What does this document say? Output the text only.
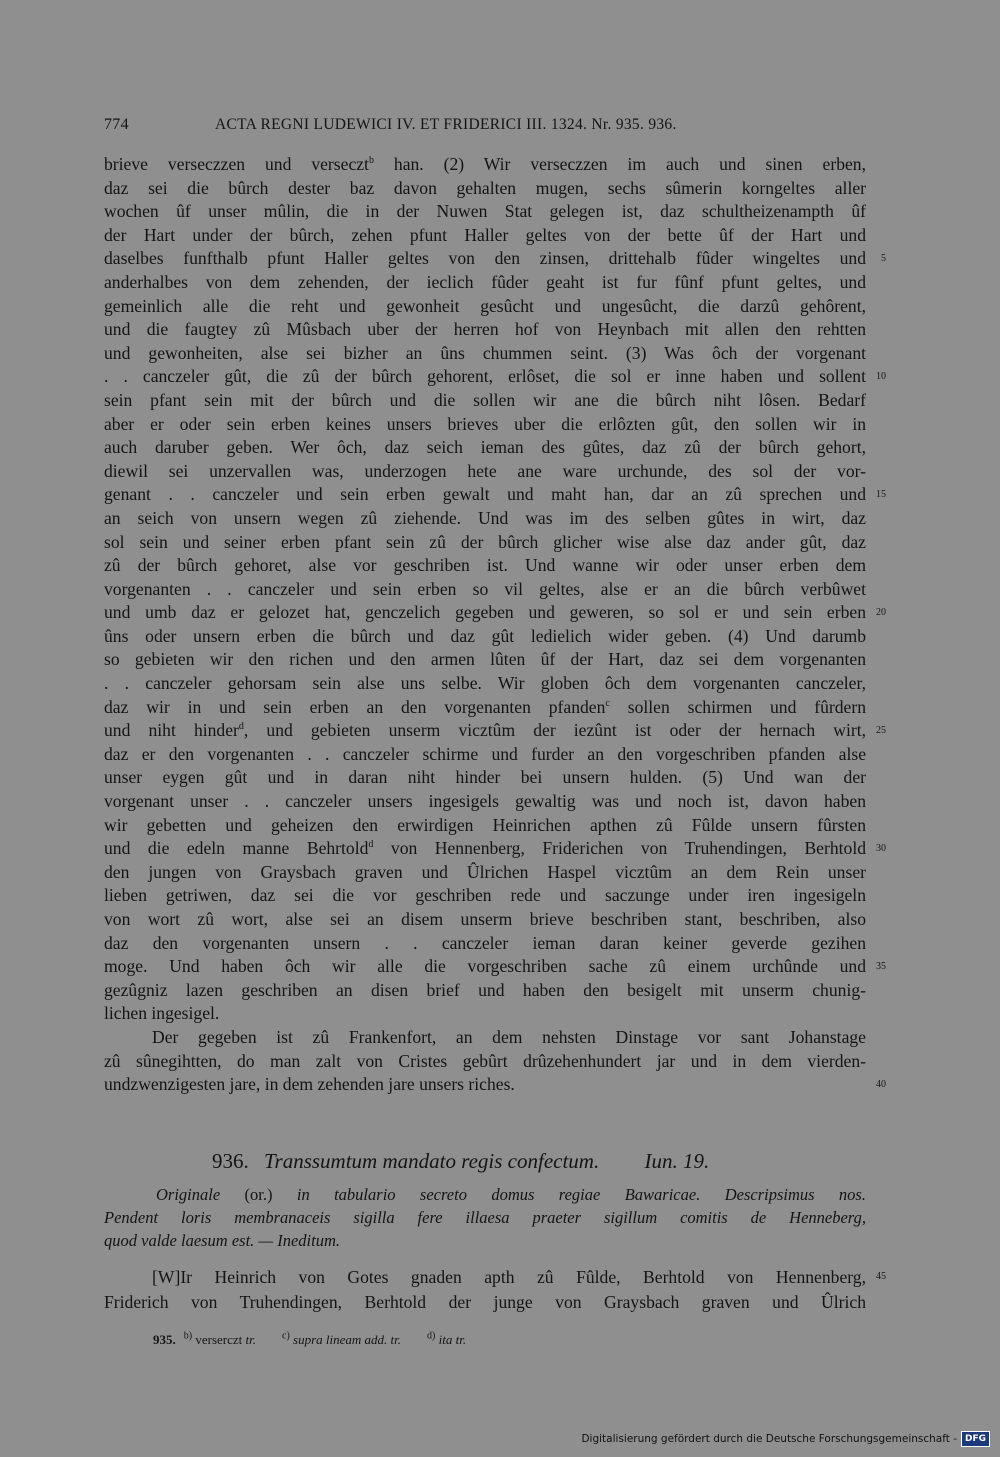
774	ACTA REGNI LUDEWICI IV. ET FRIDERICI III. 1324. Nr. 935. 936.
brieve verseczzen und verseczt$^b$ han. (2) Wir verseczzen im auch und sinen erben,
daz sei die bûrch dester baz davon gehalten mugen, sechs sûmerin korngeltes aller
wochen ûf unser mûlin, die in der Nuwen Stat gelegen ist, daz schultheizenampth ûf
der Hart under der bûrch, zehen pfunt Haller geltes von der bette ûf der Hart und
daselbes funfthalb pfunt Haller geltes von den zinsen, drittehalb fûder wingeltes und 5
anderhalbes von dem zehenden, der ieclich fûder geaht ist fur fûnf pfunt geltes, und
gemeinlich alle die reht und gewonheit gesûcht und ungesûcht, die darzû gehôrent,
und die faugtey zû Mûsbach uber der herren hof von Heynbach mit allen den rehtten
und gewonheiten, alse sei bizher an ûns chummen seint. (3) Was ôch der vorgenant
. . canczeler gût, die zû der bûrch gehorent, erlôset, die sol er inne haben und sollent 10
sein pfant sein mit der bûrch und die sollen wir ane die bûrch niht lôsen. Bedarf
aber er oder sein erben keines unsers brieves uber die erlôzten gût, den sollen wir in
auch daruber geben. Wer ôch, daz seich ieman des gûtes, daz zû der bûrch gehort,
diewil sei unzervallen was, underzogen hete ane ware urchunde, des sol der vor-
genant . . canczeler und sein erben gewalt und maht han, dar an zû sprechen und 15
an seich von unsern wegen zû ziehende. Und was im des selben gûtes in wirt, daz
sol sein und seiner erben pfant sein zû der bûrch glicher wise alse daz ander gût, daz
zû der bûrch gehoret, alse vor geschriben ist. Und wanne wir oder unser erben dem
vorgenanten . . canczeler und sein erben so vil geltes, alse er an die bûrch verbûwet
und umb daz er gelozet hat, genczelich gegeben und geweren, so sol er und sein erben 20
ûns oder unsern erben die bûrch und daz gût ledielich wider geben. (4) Und darumb
so gebieten wir den richen und den armen lûten ûf der Hart, daz sei dem vorgenanten
. . canczeler gehorsam sein alse uns selbe. Wir globen ôch dem vorgenanten canczeler,
daz wir in und sein erben an den vorgenanten pfanden$^c$ sollen schirmen und fûrdern
und niht hinder$^d$, und gebieten unserm vicztûm der iezûnt ist oder der hernach wirt, 25
daz er den vorgenanten . . canczeler schirme und furder an den vorgeschriben pfanden alse
unser eygen gût und in daran niht hinder bei unsern hulden. (5) Und wan der
vorgenant unser . . canczeler unsers ingesigels gewaltig was und noch ist, davon haben
wir gebetten und geheizen den erwirdigen Heinrichen apthen zû Fûlde unsern fûrsten
und die edeln manne Behrtold$^d$ von Hennenberg, Friderichen von Truhendingen, Berhtold 30
den jungen von Graysbach graven und Ûlrichen Haspel vicztûm an dem Rein unser
lieben getriwen, daz sei die vor geschriben rede und saczunge under iren ingesigeln
von wort zû wort, alse sei an disem unserm brieve beschriben stant, beschriben, also
daz den vorgenanten unsern . . canczeler ieman daran keiner geverde gezihen
moge. Und haben ôch wir alle die vorgeschriben sache zû einem urchûnde und 35
gezûgniz lazen geschriben an disen brief und haben den besigelt mit unserm chunig-
lichen ingesigel.
Der gegeben ist zû Frankenfort, an dem nehsten Dinstage vor sant Johanstage
zû sûnegihtten, do man zalt von Cristes gebûrt drûzehenhundert jar und in dem vierden-
undzwenzigesten jare, in dem zehenden jare unsers riches.	40
936. Transsumtum mandato regis confectum. Iun. 19.
Originale (or.) in tabulario secreto domus regiae Bawaricae. Descripsimus nos.
Pendent loris membranaceis sigilla fere illaesa praeter sigillum comitis de Henneberg,
quod valde laesum est. — Ineditum.
[W]Ir Heinrich von Gotes gnaden apth zû Fûlde, Berhtold von Hennenberg, 45
Friderich von Truhendingen, Berhtold der junge von Graysbach graven und Ûlrich
935. $^{b)}$ verserczt tr.	$^{c)}$ supra lineam add. tr.	$^{d)}$ ita tr.
Digitalisierung gefördert durch die Deutsche Forschungsgemeinschaft - DFG
